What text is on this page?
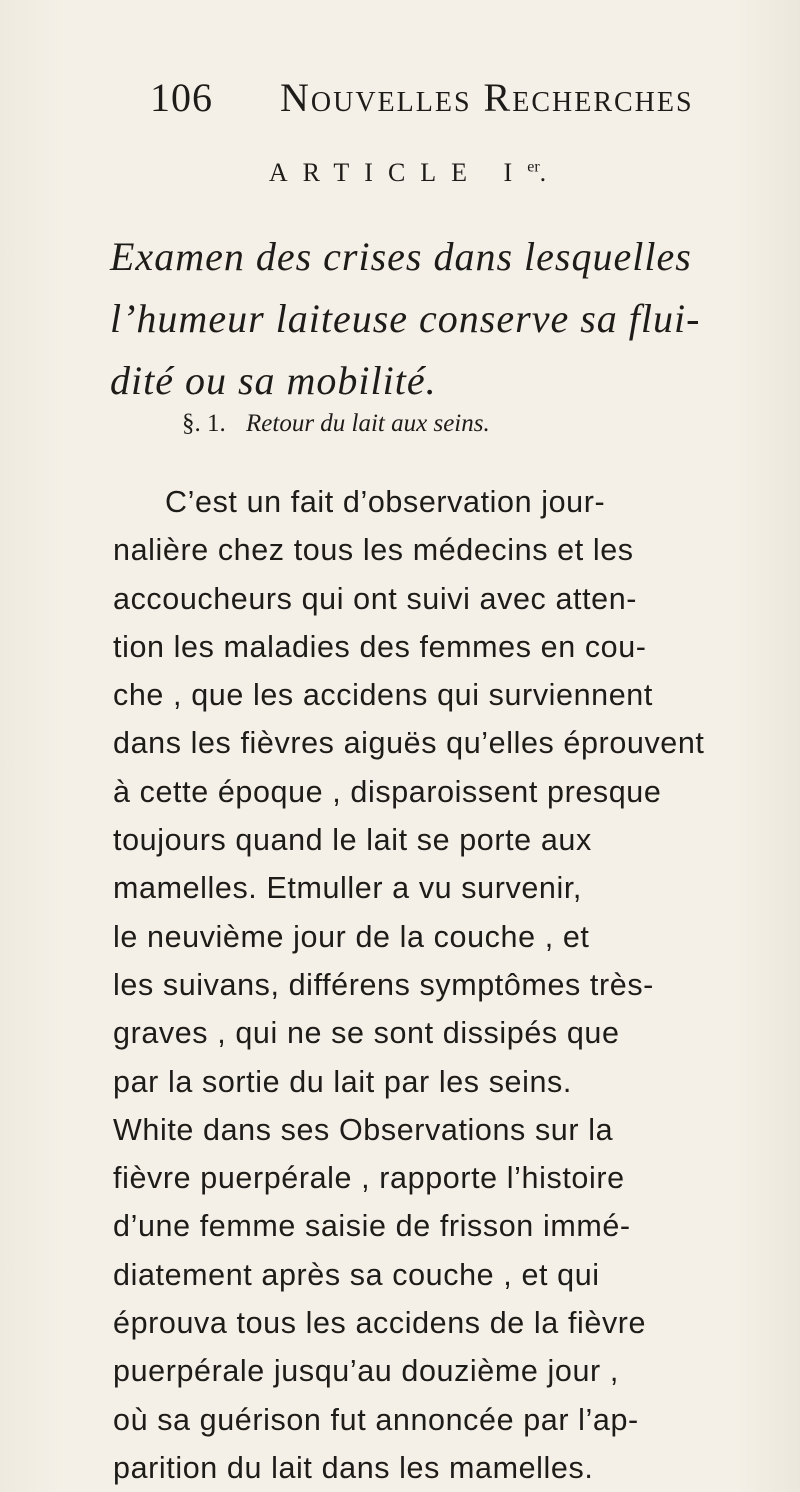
106 Nouvelles Recherches
ARTICLE Ier.
Examen des crises dans lesquelles
l’humeur laiteuse conserve sa flui-
dité ou sa mobilité.
§. 1. Retour du lait aux seins.
C’est un fait d’observation jour-
nalière chez tous les médecins et les
accoucheurs qui ont suivi avec atten-
tion les maladies des femmes en cou-
che , que les accidens qui surviennent
dans les fièvres aiguës qu’elles éprouvent
à cette époque , disparoissent presque
toujours quand le lait se porte aux
mamelles. Etmuller a vu survenir,
le neuvième jour de la couche , et
les suivans, différens symptômes très-
graves , qui ne se sont dissipés que
par la sortie du lait par les seins.
White dans ses Observations sur la
fièvre puerpérale , rapporte l’histoire
d’une femme saisie de frisson immé-
diatement après sa couche , et qui
éprouva tous les accidens de la fièvre
puerpérale jusqu’au douzième jour ,
où sa guérison fut annoncée par l’ap-
parition du lait dans les mamelles.
